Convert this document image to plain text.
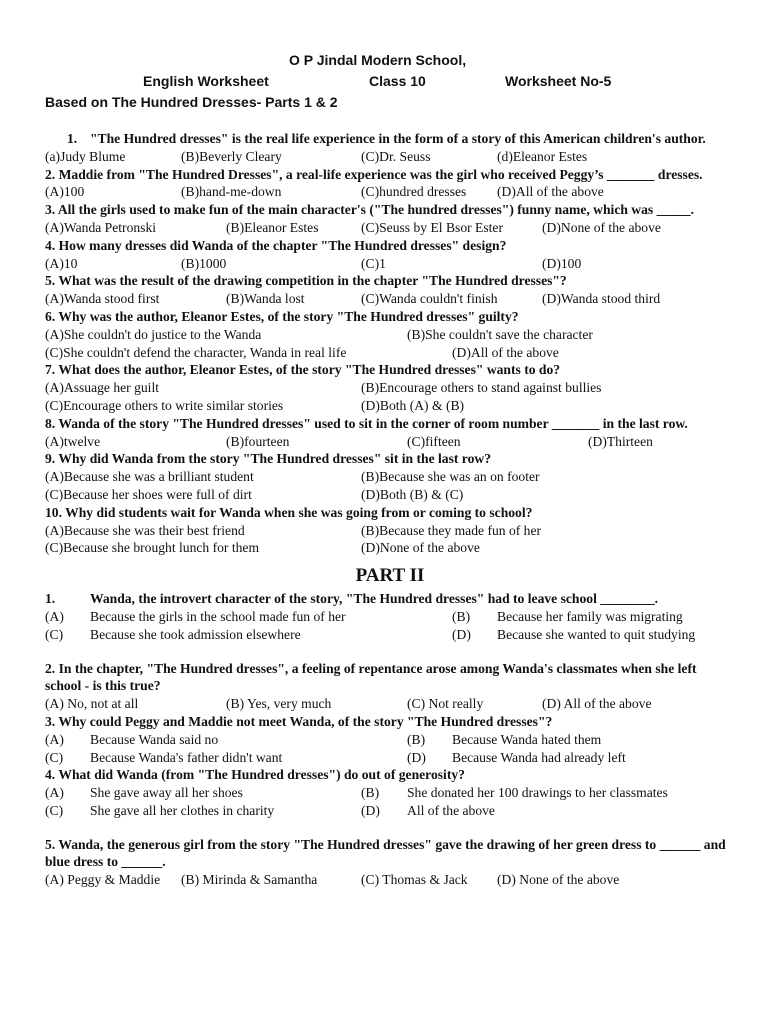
O P Jindal Modern School,
English Worksheet	Class 10	Worksheet No-5
Based on The Hundred Dresses- Parts 1 & 2
1. "The Hundred dresses" is the real life experience in the form of a story of this American children's author.
(a)Judy Blume	(B)Beverly Cleary	(C)Dr. Seuss	(d)Eleanor Estes
2. Maddie from "The Hundred Dresses", a real-life experience was the girl who received Peggy’s _______ dresses.
(A)100	(B)hand-me-down	(C)hundred dresses (D)All of the above
3. All the girls used to make fun of the main character's ("The hundred dresses") funny name, which was _____.
(A)Wanda Petronski	(B)Eleanor Estes	(C)Seuss by El Bsor Ester	(D)None of the above
4. How many dresses did Wanda of the chapter "The Hundred dresses" design?
(A)10	(B)1000	(C)1	(D)100
5. What was the result of the drawing competition in the chapter "The Hundred dresses"?
(A)Wanda stood first	(B)Wanda lost	(C)Wanda couldn't finish	(D)Wanda stood third
6. Why was the author, Eleanor Estes, of the story "The Hundred dresses" guilty?
(A)She couldn't do justice to the Wanda	(B)She couldn't save the character
(C)She couldn't defend the character, Wanda in real life	(D)All of the above
7. What does the author, Eleanor Estes, of the story "The Hundred dresses" wants to do?
(A)Assuage her guilt	(B)Encourage others to stand against bullies
(C)Encourage others to write similar stories	(D)Both (A) & (B)
8. Wanda of the story "The Hundred dresses" used to sit in the corner of room number _______ in the last row.
(A)twelve	(B)fourteen	(C)fifteen	(D)Thirteen
9. Why did Wanda from the story "The Hundred dresses" sit in the last row?
(A)Because she was a brilliant student	(B)Because she was an on footer
(C)Because her shoes were full of dirt	(D)Both (B) & (C)
10. Why did students wait for Wanda when she was going from or coming to school?
(A)Because she was their best friend	(B)Because they made fun of her
(C)Because she brought lunch for them	(D)None of the above
PART II
1.	Wanda, the introvert character of the story, "The Hundred dresses" had to leave school ________.
(A) Because the girls in the school made fun of her	(B) Because her family was migrating
(C) Because she took admission elsewhere	(D) Because she wanted to quit studying
2. In the chapter, "The Hundred dresses", a feeling of repentance arose among Wanda's classmates when she left school - is this true?
(A) No, not at all	(B) Yes, very much	(C) Not really	(D) All of the above
3. Why could Peggy and Maddie not meet Wanda, of the story "The Hundred dresses"?
(A) Because Wanda said no	(B) Because Wanda hated them
(C) Because Wanda's father didn't want	(D) Because Wanda had already left
4. What did Wanda (from "The Hundred dresses") do out of generosity?
(A) She gave away all her shoes	(B) She donated her 100 drawings to her classmates
(C) She gave all her clothes in charity	(D) All of the above
5. Wanda, the generous girl from the story "The Hundred dresses" gave the drawing of her green dress to ______ and blue dress to ______.
(A) Peggy & Maddie (B) Mirinda & Samantha	(C) Thomas & Jack (D) None of the above
